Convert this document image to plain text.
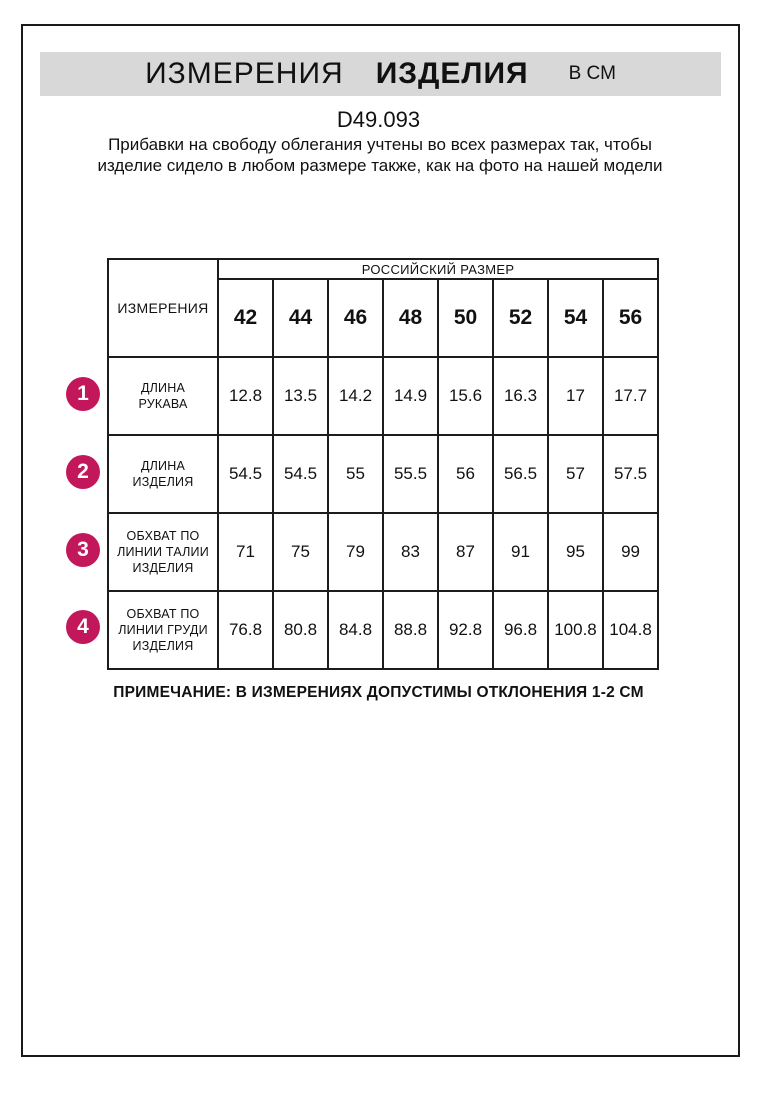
ИЗМЕРЕНИЯ ИЗДЕЛИЯ В СМ
D49.093
Прибавки на свободу облегания учтены во всех размерах так, чтобы изделие сидело в любом размере также, как на фото на нашей модели
ИЗМЕРЕНИЯ	РОССИЙСКИЙ РАЗМЕР							
	42	44	46	48	50	52	54	56
ДЛИНА РУКАВА	12.8	13.5	14.2	14.9	15.6	16.3	17	17.7
ДЛИНА ИЗДЕЛИЯ	54.5	54.5	55	55.5	56	56.5	57	57.5
ОБХВАТ ПО ЛИНИИ ТАЛИИ ИЗДЕЛИЯ	71	75	79	83	87	91	95	99
ОБХВАТ ПО ЛИНИИ ГРУДИ ИЗДЕЛИЯ	76.8	80.8	84.8	88.8	92.8	96.8	100.8	104.8
1
2
3
4
ПРИМЕЧАНИЕ: В ИЗМЕРЕНИЯХ ДОПУСТИМЫ ОТКЛОНЕНИЯ 1-2 СМ
